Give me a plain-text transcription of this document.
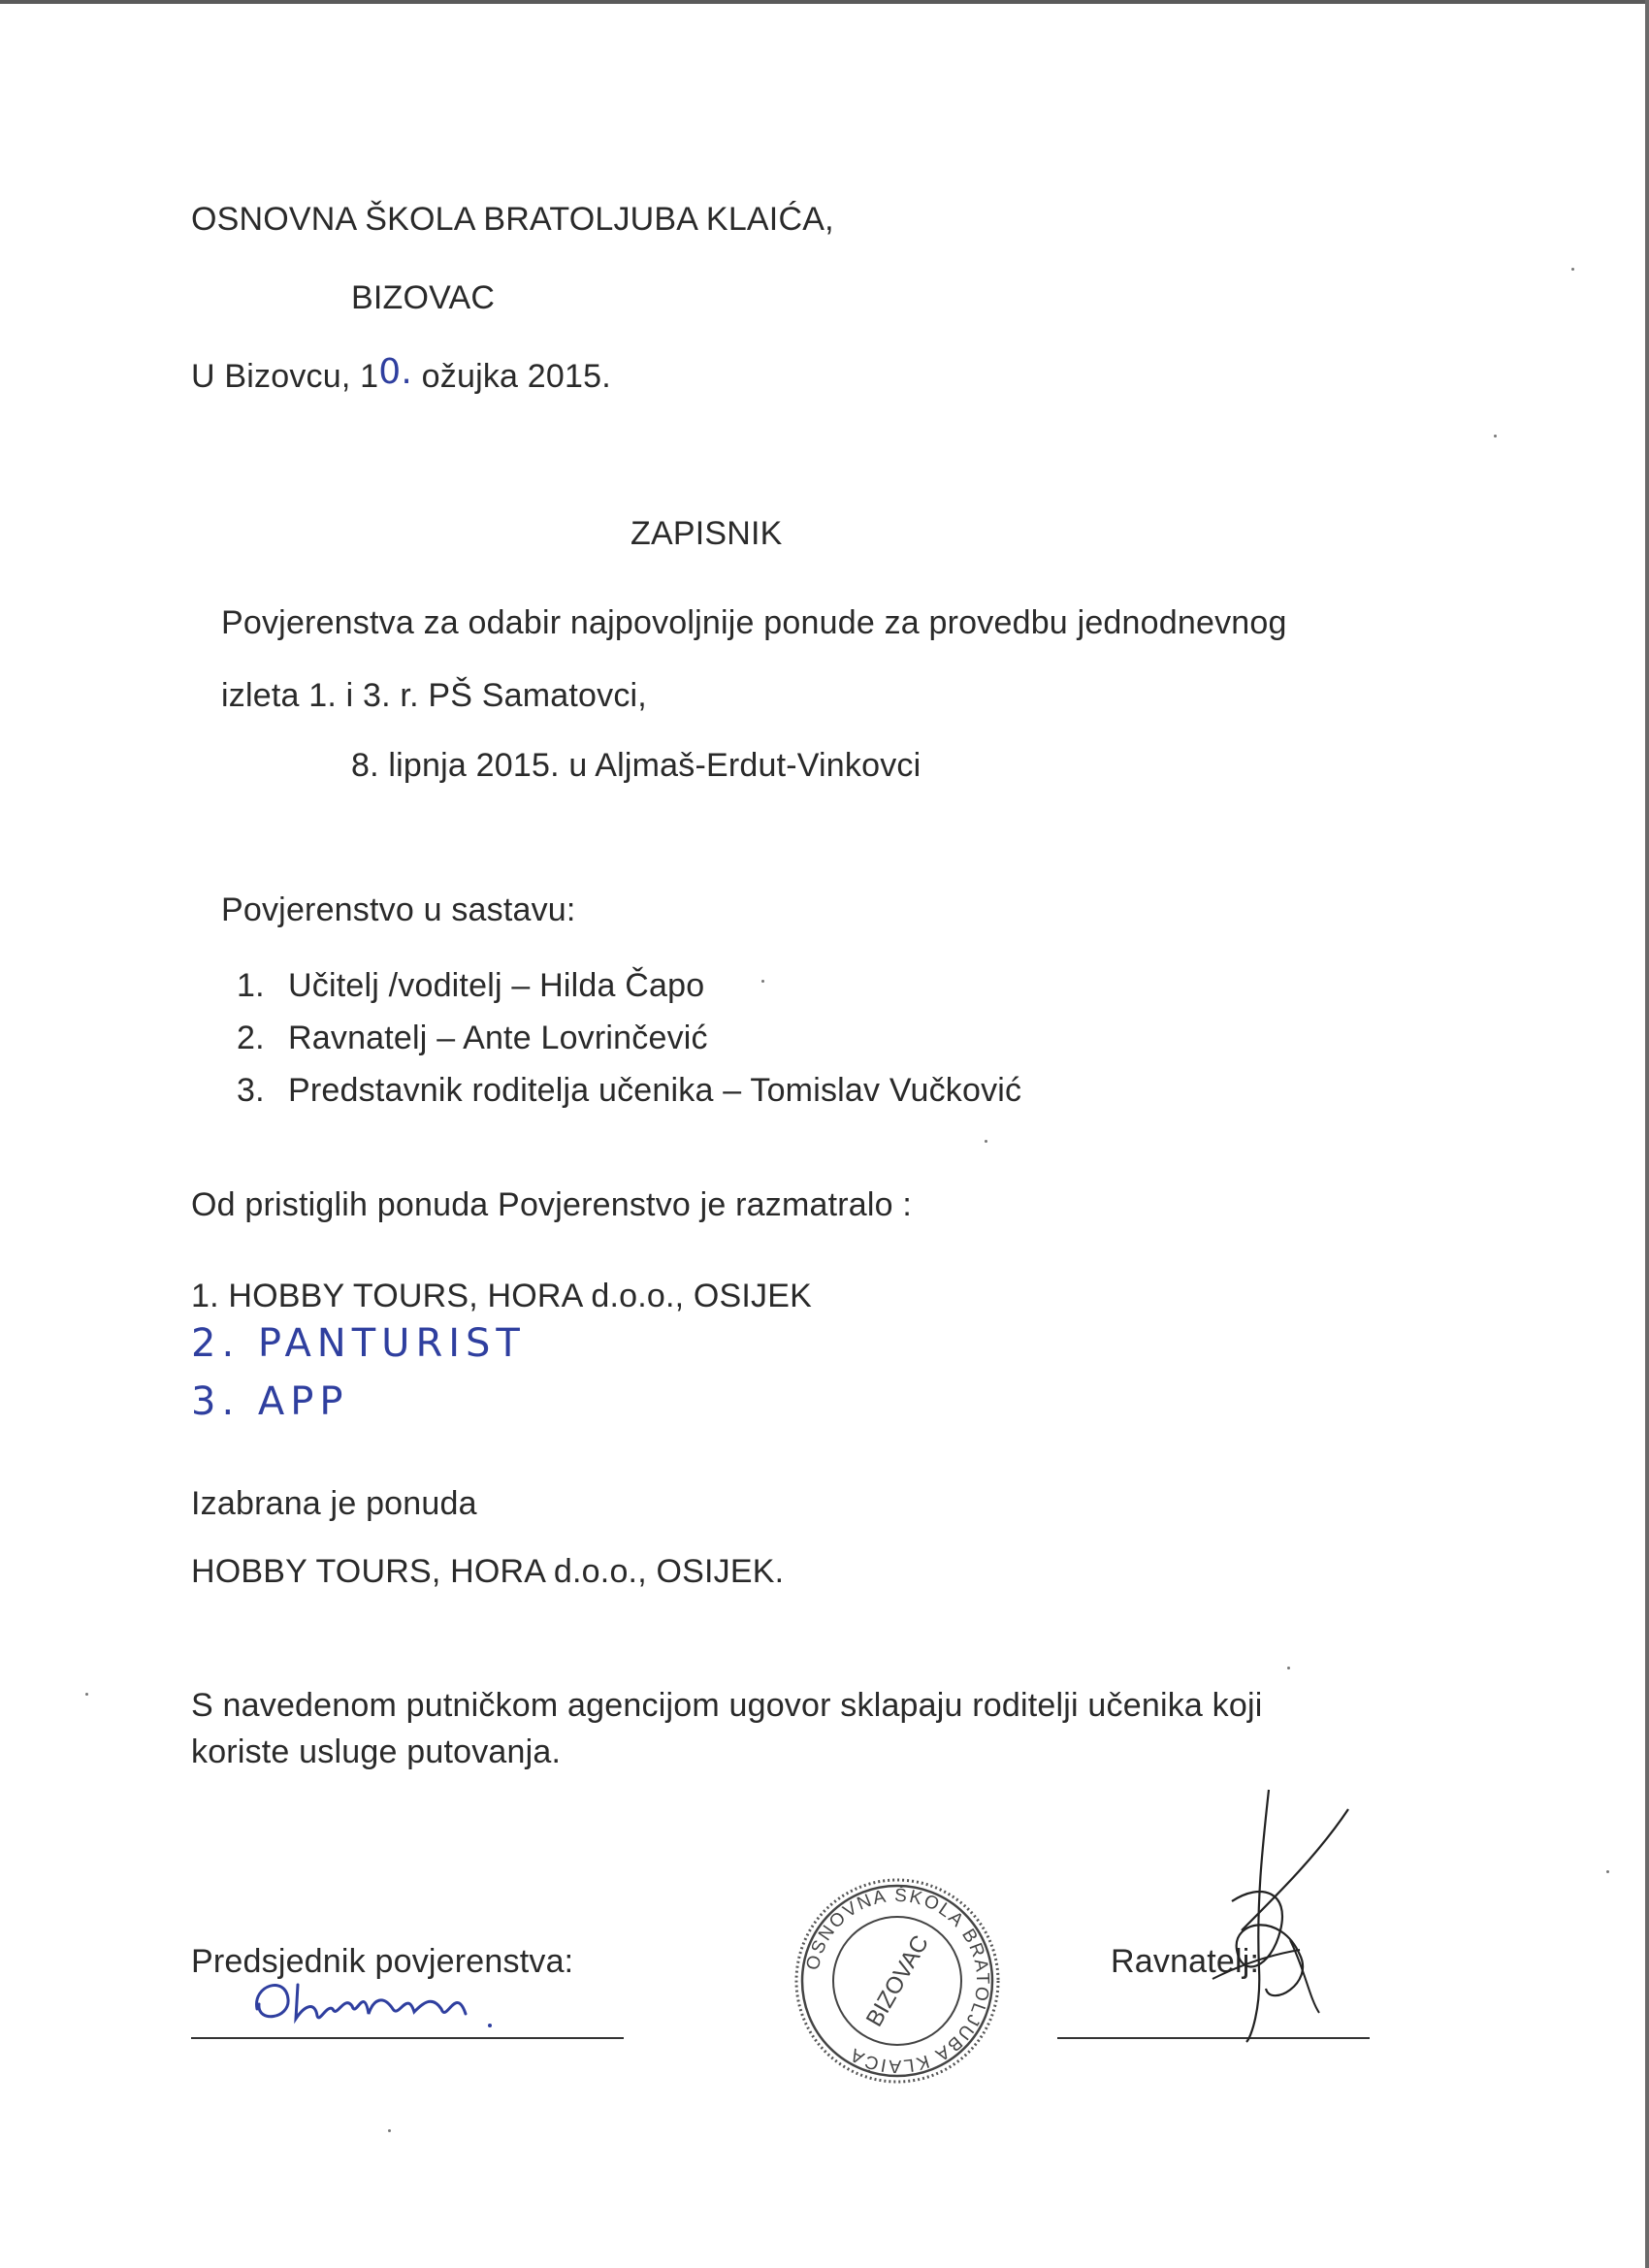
OSNOVNA ŠKOLA BRATOLJUBA KLAIĆA,
BIZOVAC
U Bizovcu, 10. ožujka 2015.
ZAPISNIK
Povjerenstva za odabir najpovoljnije ponude za provedbu jednodnevnog
izleta 1. i 3. r. PŠ Samatovci,
8. lipnja 2015. u Aljmaš-Erdut-Vinkovci
Povjerenstvo u sastavu:
1. Učitelj /voditelj – Hilda Čapo
2. Ravnatelj – Ante Lovrinčević
3. Predstavnik roditelja učenika – Tomislav Vučković
Od pristiglih ponuda Povjerenstvo je razmatralo :
1. HOBBY TOURS, HORA d.o.o., OSIJEK
2. PANTURIST
3. APP
Izabrana je ponuda
HOBBY TOURS, HORA d.o.o., OSIJEK.
S navedenom putničkom agencijom ugovor sklapaju roditelji učenika koji
koriste usluge putovanja.
Predsjednik povjerenstva:	Ravnatelj:
OSNOVNA ŠKOLA BRATOLJUBA KLAIĆA
BIZOVAC
